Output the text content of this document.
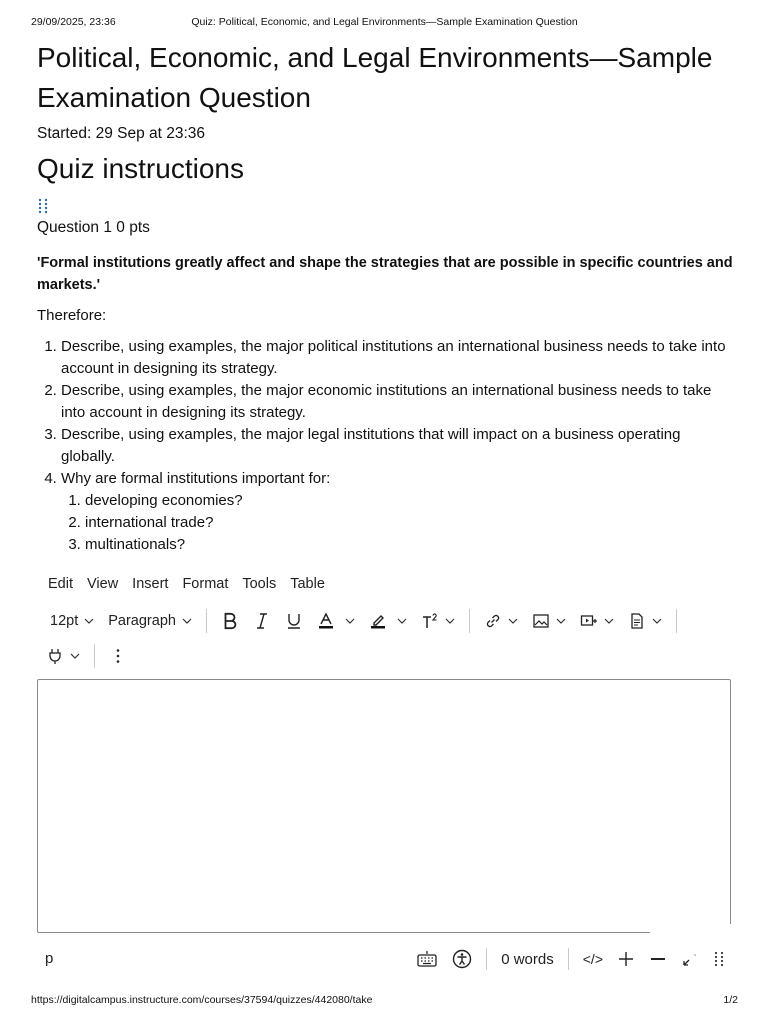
29/09/2025, 23:36	Quiz: Political, Economic, and Legal Environments—Sample Examination Question
Political, Economic, and Legal Environments—Sample Examination Question
Started: 29 Sep at 23:36
Quiz instructions
Question 1 0 pts
'Formal institutions greatly affect and shape the strategies that are possible in specific countries and markets.'
Therefore:
1. Describe, using examples, the major political institutions an international business needs to take into account in designing its strategy.
2. Describe, using examples, the major economic institutions an international business needs to take into account in designing its strategy.
3. Describe, using examples, the major legal institutions that will impact on a business operating globally.
4. Why are formal institutions important for:
1. developing economies?
2. international trade?
3. multinationals?
Edit View Insert Format Tools Table
12pt Paragraph
p	0 words </>
https://digitalcampus.instructure.com/courses/37594/quizzes/442080/take	1/2
